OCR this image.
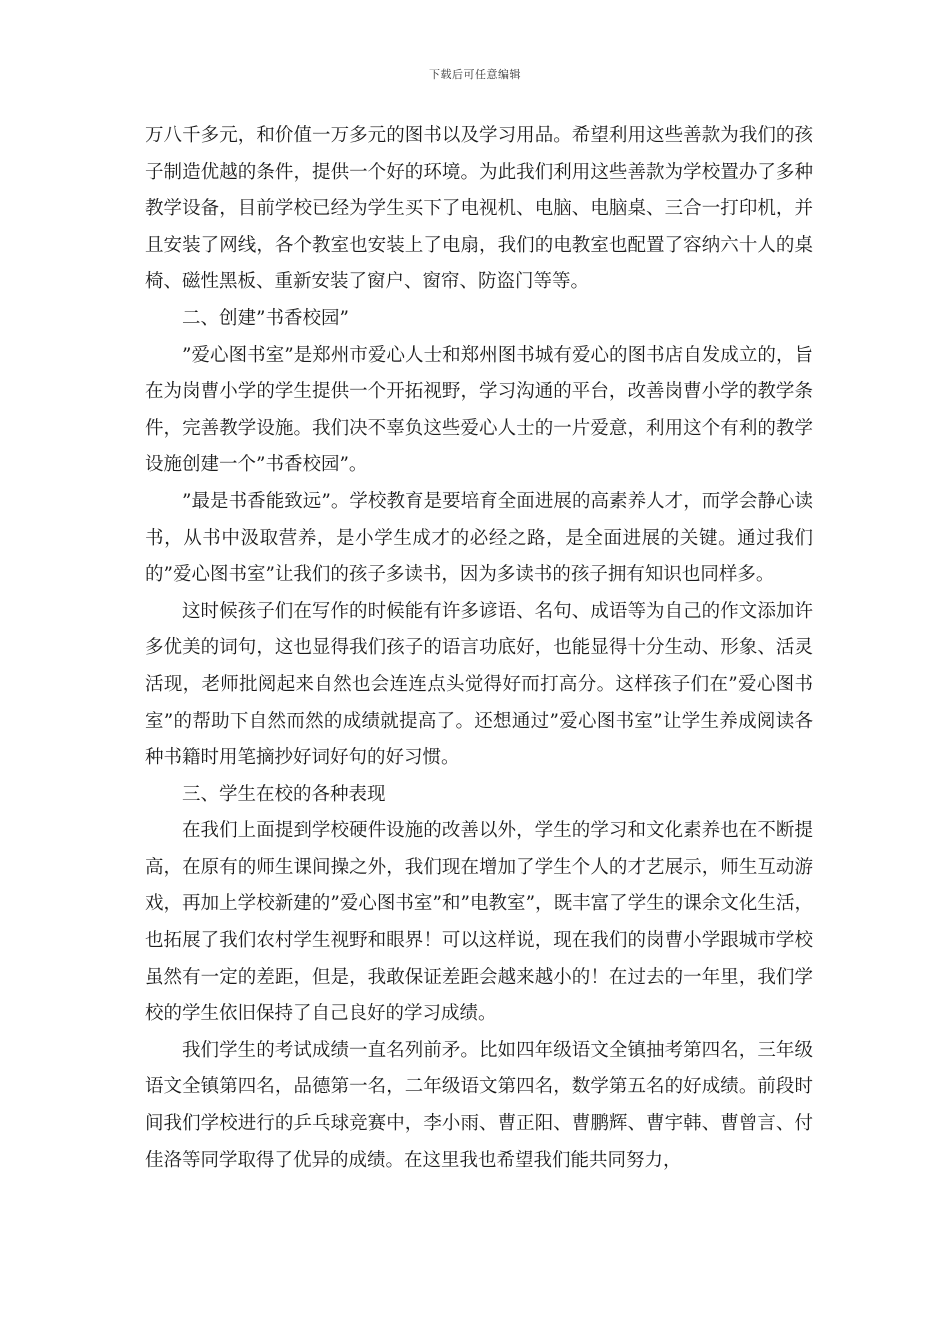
下载后可任意编辑

万八千多元，和价值一万多元的图书以及学习用品。希望利用这些善款为我们的孩子制造优越的条件，提供一个好的环境。为此我们利用这些善款为学校置办了多种教学设备，目前学校已经为学生买下了电视机、电脑、电脑桌、三合一打印机，并且安装了网线，各个教室也安装上了电扇，我们的电教室也配置了容纳六十人的桌椅、磁性黑板、重新安装了窗户、窗帘、防盗门等等。

二、创建”书香校园”

”爱心图书室”是郑州市爱心人士和郑州图书城有爱心的图书店自发成立的，旨在为岗曹小学的学生提供一个开拓视野，学习沟通的平台，改善岗曹小学的教学条件，完善教学设施。我们决不辜负这些爱心人士的一片爱意，利用这个有利的教学设施创建一个”书香校园”。

”最是书香能致远”。学校教育是要培育全面进展的高素养人才，而学会静心读书，从书中汲取营养，是小学生成才的必经之路，是全面进展的关键。通过我们的”爱心图书室”让我们的孩子多读书，因为多读书的孩子拥有知识也同样多。

这时候孩子们在写作的时候能有许多谚语、名句、成语等为自己的作文添加许多优美的词句，这也显得我们孩子的语言功底好，也能显得十分生动、形象、活灵活现，老师批阅起来自然也会连连点头觉得好而打高分。这样孩子们在”爱心图书室”的帮助下自然而然的成绩就提高了。还想通过”爱心图书室”让学生养成阅读各种书籍时用笔摘抄好词好句的好习惯。

三、学生在校的各种表现

在我们上面提到学校硬件设施的改善以外，学生的学习和文化素养也在不断提高，在原有的师生课间操之外，我们现在增加了学生个人的才艺展示，师生互动游戏，再加上学校新建的”爱心图书室”和”电教室”，既丰富了学生的课余文化生活，也拓展了我们农村学生视野和眼界！可以这样说，现在我们的岗曹小学跟城市学校虽然有一定的差距，但是，我敢保证差距会越来越小的！在过去的一年里，我们学校的学生依旧保持了自己良好的学习成绩。

我们学生的考试成绩一直名列前矛。比如四年级语文全镇抽考第四名，三年级语文全镇第四名，品德第一名，二年级语文第四名，数学第五名的好成绩。前段时间我们学校进行的乒乓球竞赛中，李小雨、曹正阳、曹鹏辉、曹宇韩、曹曾言、付佳洛等同学取得了优异的成绩。在这里我也希望我们能共同努力，
